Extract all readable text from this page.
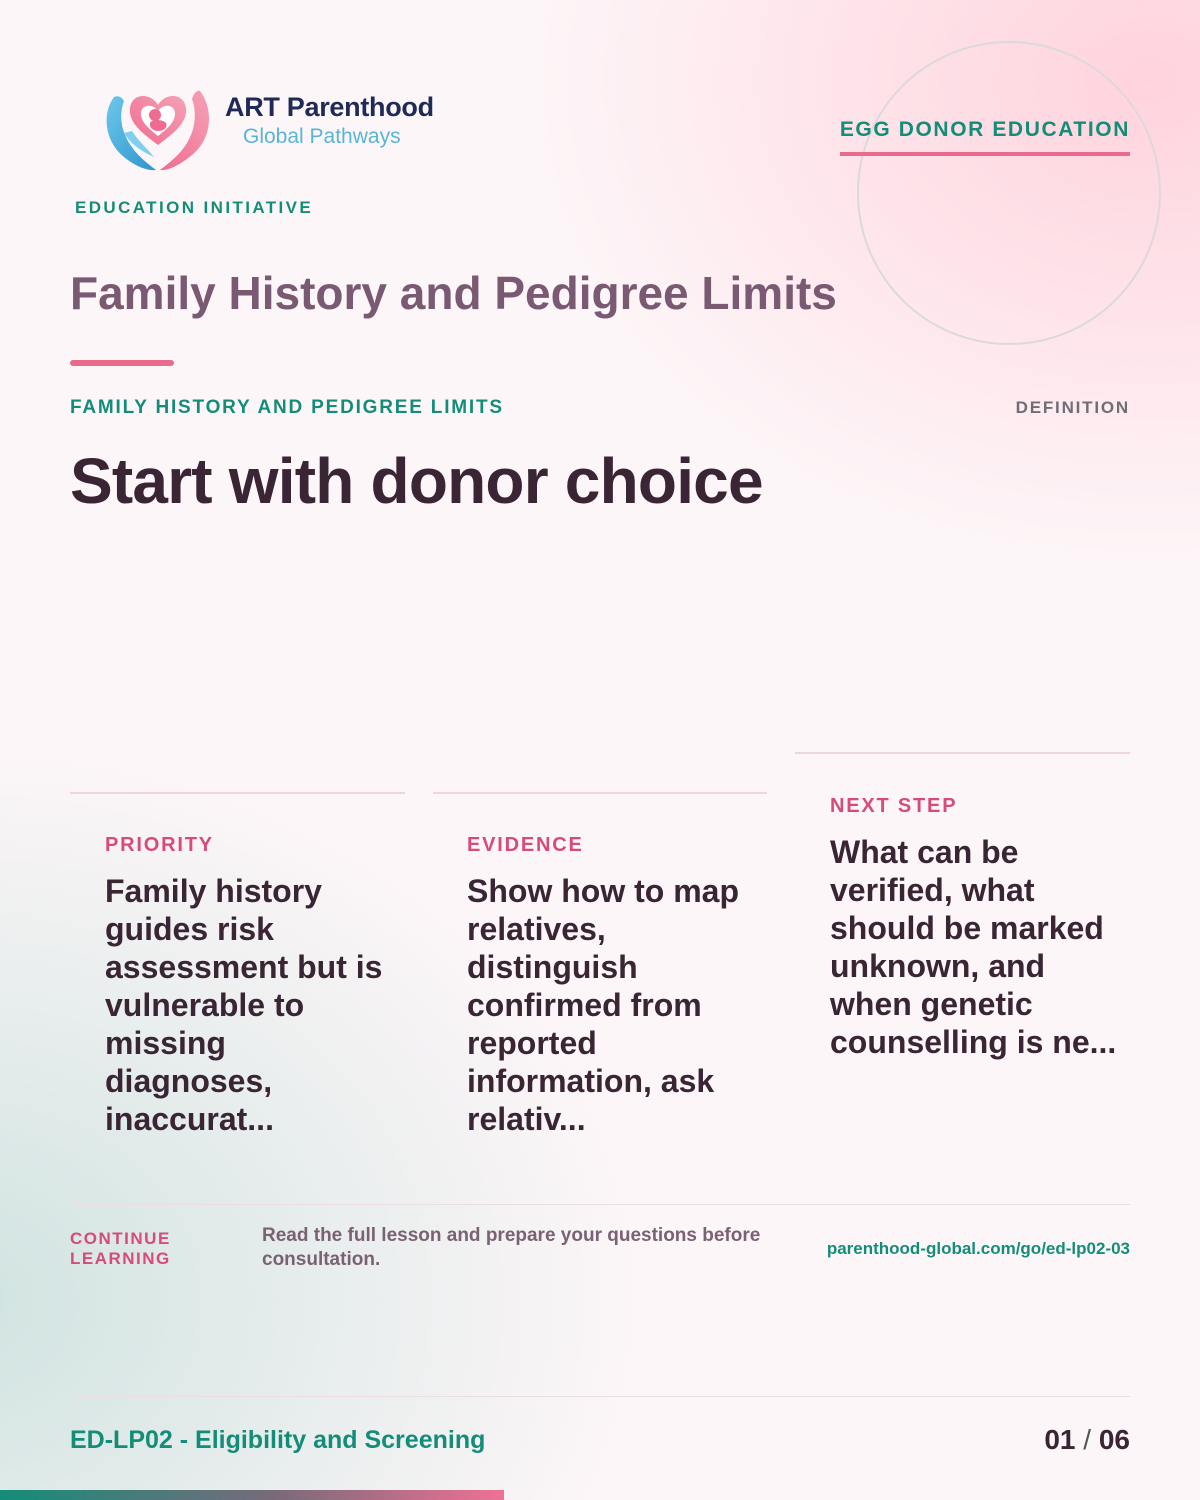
ART Parenthood
Global Pathways
EDUCATION INITIATIVE
EGG DONOR EDUCATION
Family History and Pedigree Limits
FAMILY HISTORY AND PEDIGREE LIMITS	DEFINITION
Start with donor choice
PRIORITY

Family history guides risk assessment but is vulnerable to missing diagnoses, inaccurat...

EVIDENCE

Show how to map relatives, distinguish confirmed from reported information, ask relativ...

NEXT STEP

What can be verified, what should be marked unknown, and when genetic counselling is ne...

CONTINUE LEARNING
Read the full lesson and prepare your questions before consultation.
parenthood-global.com/go/ed-lp02-03
ED-LP02 - Eligibility and Screening	01 / 06
